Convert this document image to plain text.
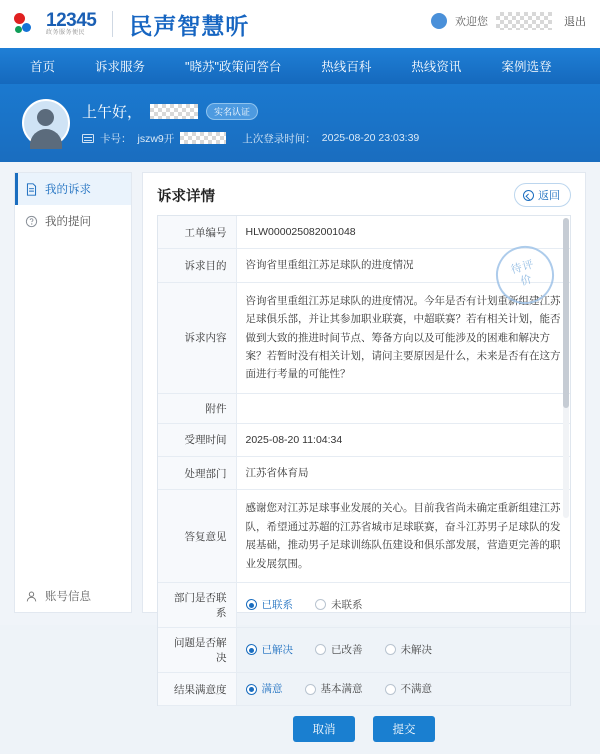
12345
政务服务便民	民声智慧听	欢迎您	退出
首页	诉求服务	"晓苏"政策问答台	热线百科	热线资讯	案例选登
上午好，	实名认证
卡号： jszw9开	上次登录时间： 2025-08-20 23:03:39
我的诉求
我的提问
账号信息
诉求详情	返回
待评价
工单编号	HLW000025082001048
诉求目的	咨询省里重组江苏足球队的进度情况
诉求内容	咨询省里重组江苏足球队的进度情况。今年是否有计划重新组建江苏足球俱乐部，并让其参加职业联赛，中超联赛？若有相关计划，能否做到大致的推进时间节点、筹备方向以及可能涉及的困难和解决方案？若暂时没有相关计划，请问主要原因是什么，未来是否有在这方面进行考量的可能性？
附件	
受理时间	2025-08-20 11:04:34
处理部门	江苏省体育局
答复意见	感谢您对江苏足球事业发展的关心。目前我省尚未确定重新组建江苏队，希望通过苏超的江苏省城市足球联赛，奋斗江苏男子足球队的发展基础，推动男子足球训练队伍建设和俱乐部发展，营造更完善的职业发展氛围。
部门是否联系	已联系 未联系

问题是否解决	已解决 已改善 未解决

结果满意度	满意 基本满意 不满意
取消	提交
